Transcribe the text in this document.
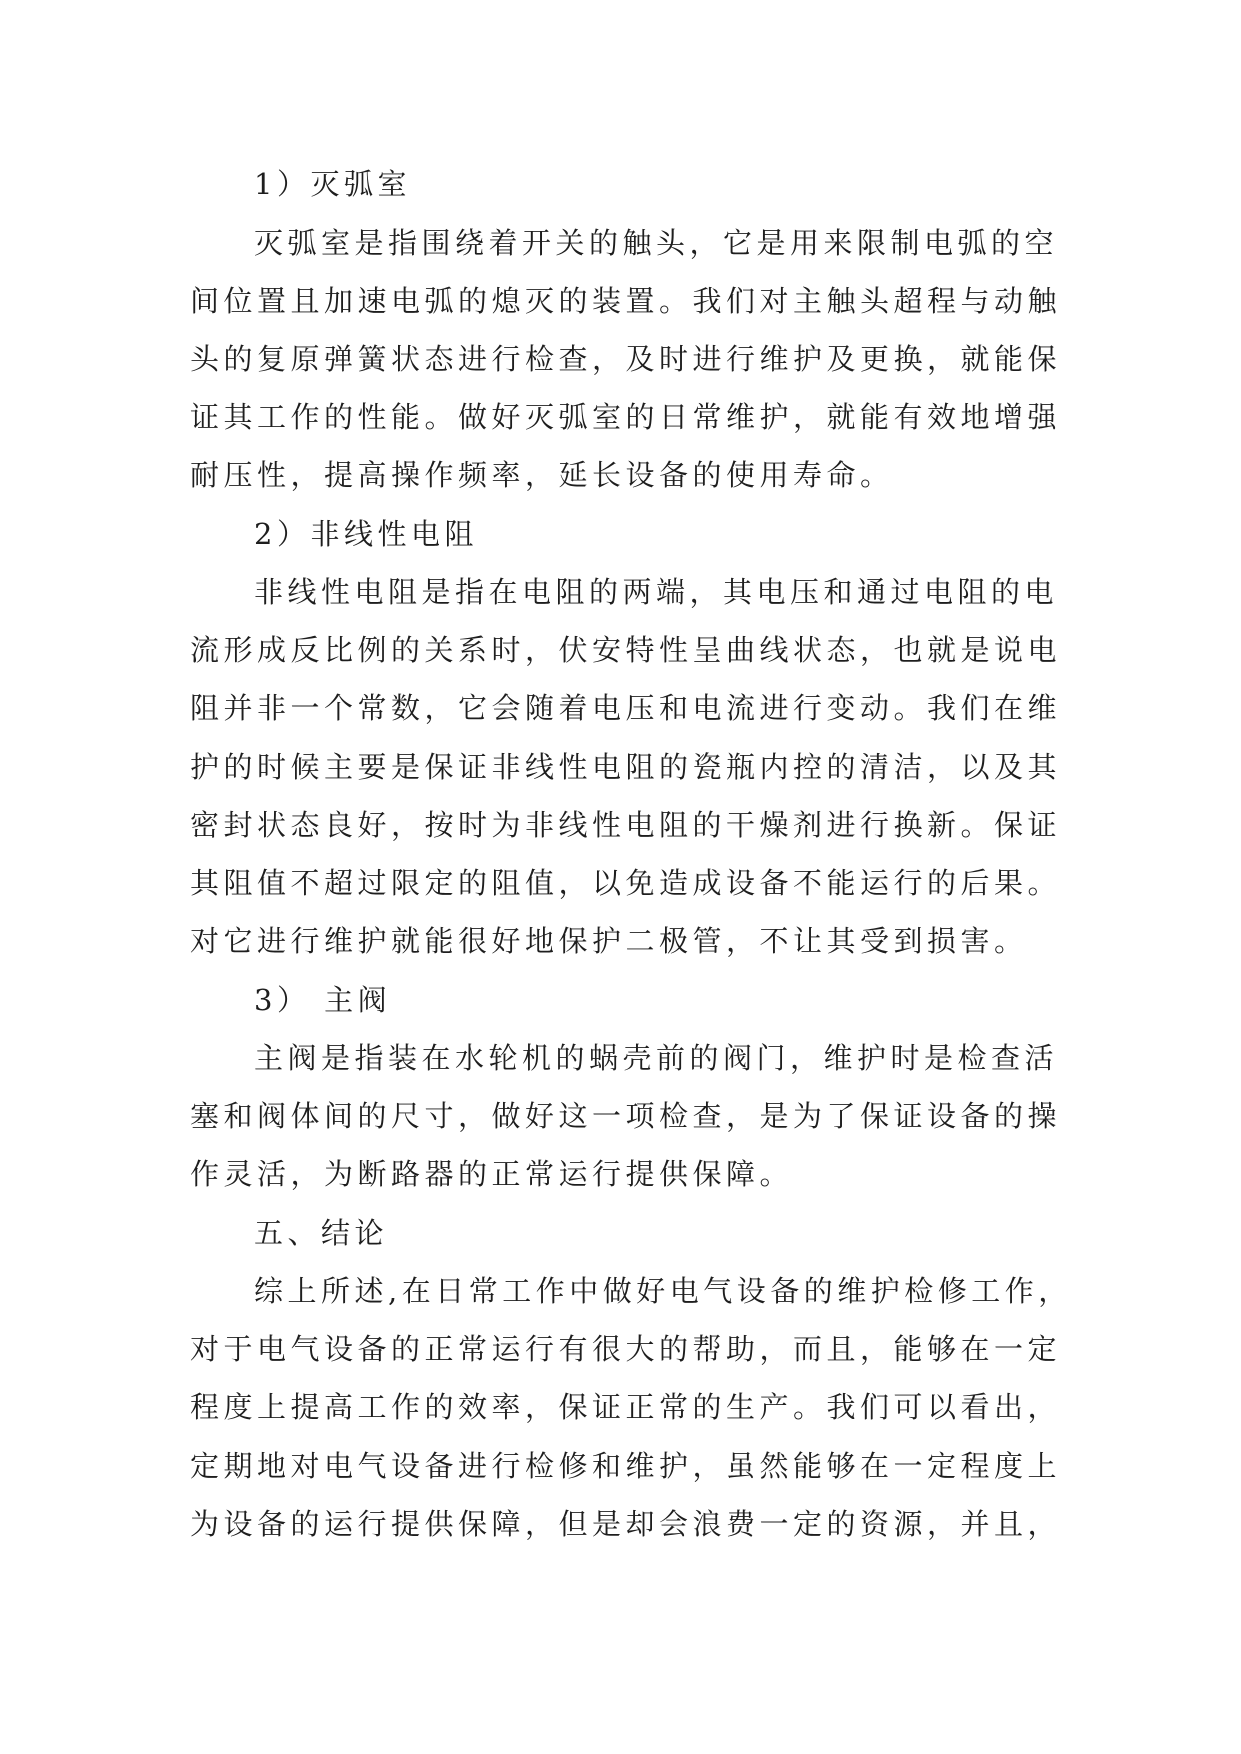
1）灭弧室
灭弧室是指围绕着开关的触头，它是用来限制电弧的空
间位置且加速电弧的熄灭的装置。我们对主触头超程与动触
头的复原弹簧状态进行检查，及时进行维护及更换，就能保
证其工作的性能。做好灭弧室的日常维护，就能有效地增强
耐压性，提高操作频率，延长设备的使用寿命。
2）非线性电阻
非线性电阻是指在电阻的两端，其电压和通过电阻的电
流形成反比例的关系时，伏安特性呈曲线状态，也就是说电
阻并非一个常数，它会随着电压和电流进行变动。我们在维
护的时候主要是保证非线性电阻的瓷瓶内控的清洁，以及其
密封状态良好，按时为非线性电阻的干燥剂进行换新。保证
其阻值不超过限定的阻值，以免造成设备不能运行的后果。
对它进行维护就能很好地保护二极管，不让其受到损害。
3） 主阀
主阀是指装在水轮机的蜗壳前的阀门，维护时是检查活
塞和阀体间的尺寸，做好这一项检查，是为了保证设备的操
作灵活，为断路器的正常运行提供保障。
五、结论
综上所述,在日常工作中做好电气设备的维护检修工作，
对于电气设备的正常运行有很大的帮助，而且，能够在一定
程度上提高工作的效率，保证正常的生产。我们可以看出，
定期地对电气设备进行检修和维护，虽然能够在一定程度上
为设备的运行提供保障，但是却会浪费一定的资源，并且，
